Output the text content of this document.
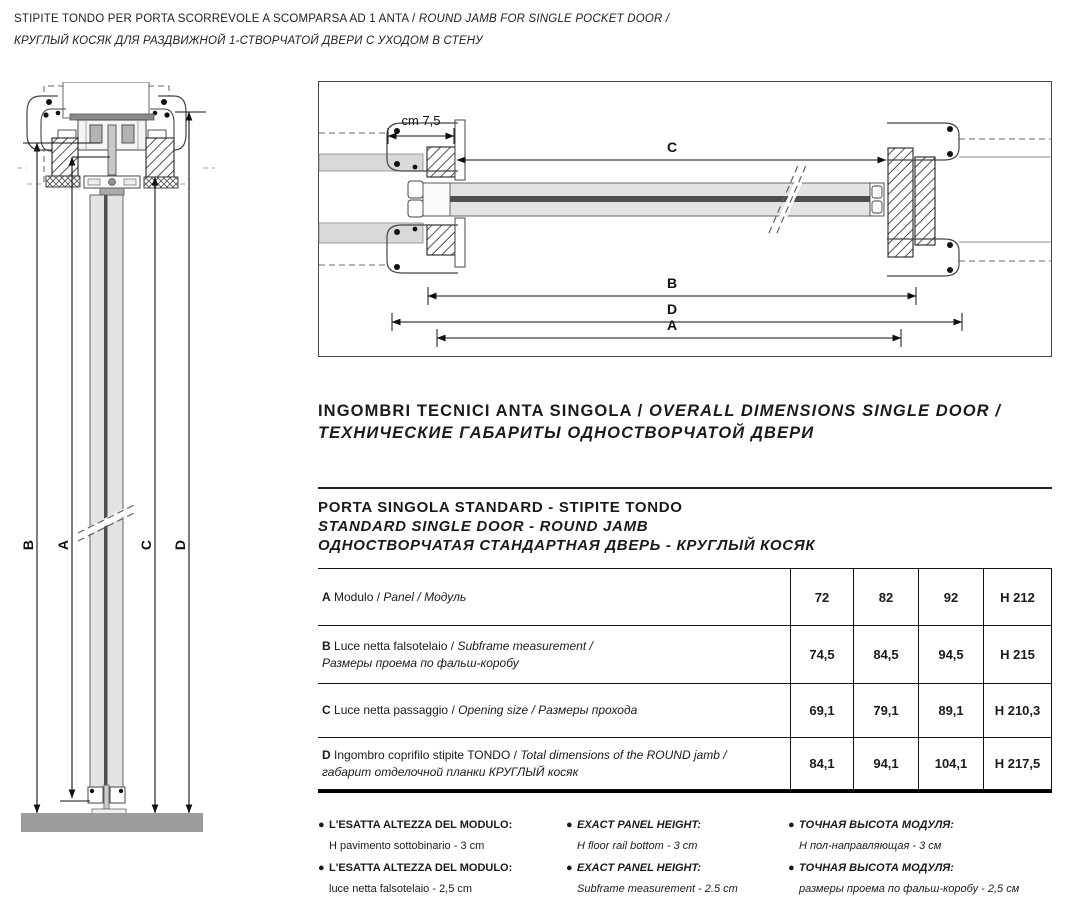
STIPITE TONDO PER PORTA SCORREVOLE A SCOMPARSA AD 1 ANTA / ROUND JAMB FOR SINGLE POCKET DOOR /
КРУГЛЫЙ КОСЯК ДЛЯ РАЗДВИЖНОЙ 1-СТВОРЧАТОЙ ДВЕРИ С УХОДОМ В СТЕНУ
B A	C D
cm 7,5
C
B
D
A
INGOMBRI TECNICI ANTA SINGOLA / OVERALL DIMENSIONS SINGLE DOOR /
ТЕХНИЧЕСКИЕ ГАБАРИТЫ ОДНОСТВОРЧАТОЙ ДВЕРИ
PORTA SINGOLA STANDARD - STIPITE TONDO
STANDARD SINGLE DOOR - ROUND JAMB
ОДНОСТВОРЧАТАЯ СТАНДАРТНАЯ ДВЕРЬ - КРУГЛЫЙ КОСЯК
A Modulo / Panel / Модуль	72	82	92	H 212
B Luce netta falsotelaio / Subframe measurement /
Размеры проема по фальш-коробу
74,5	84,5	94,5	H 215
C Luce netta passaggio / Opening size / Размеры прохода	69,1	79,1	89,1	H 210,3
D Ingombro coprifilo stipite TONDO / Total dimensions of the ROUND jamb /
габарит отделочной планки КРУГЛЫЙ косяк
84,1	94,1	104,1	H 217,5
● L'ESATTA ALTEZZA DEL MODULO:
H pavimento sottobinario - 3 cm
● L'ESATTA ALTEZZA DEL MODULO:
luce netta falsotelaio - 2,5 cm
● EXACT PANEL HEIGHT:
H floor rail bottom - 3 cm
● EXACT PANEL HEIGHT:
Subframe measurement - 2.5 cm
● ТОЧНАЯ ВЫСОТА МОДУЛЯ:
Н пол-направляющая - 3 см
● ТОЧНАЯ ВЫСОТА МОДУЛЯ:
размеры проема по фальш-коробу - 2,5 см
